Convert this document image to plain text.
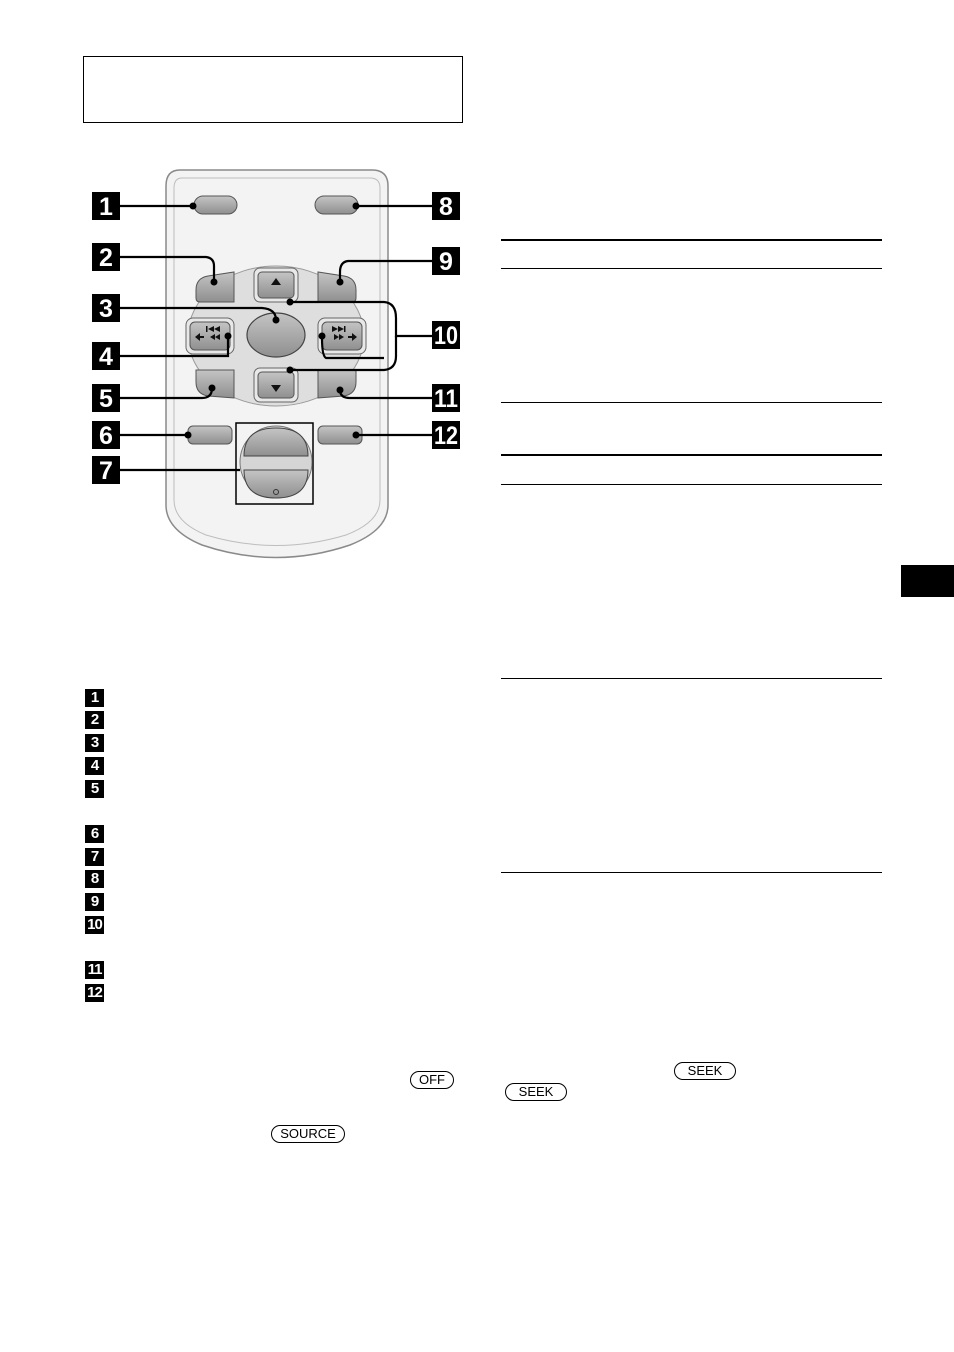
1
2
3
4
5
6
7
8
9
10
11
12
1
2
3
4
5
6
7
8
9
10
11
12
OFF
SOURCE
SEEK
SEEK
